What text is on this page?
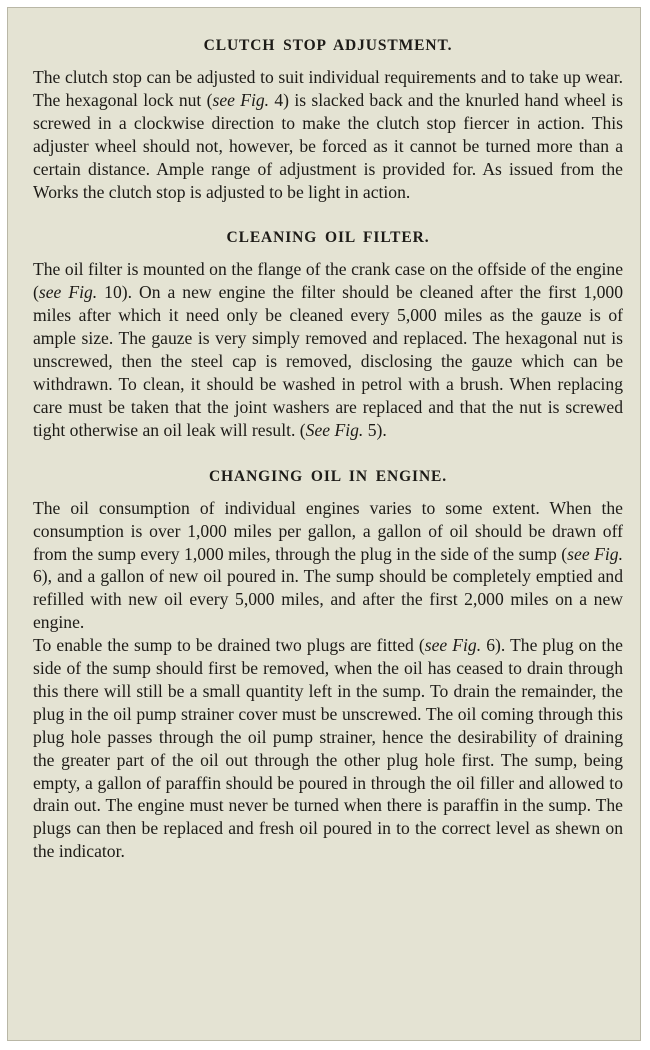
CLUTCH STOP ADJUSTMENT.

The clutch stop can be adjusted to suit individual requirements and to take up wear. The hexagonal lock nut (see Fig. 4) is slacked back and the knurled hand wheel is screwed in a clockwise direction to make the clutch stop fiercer in action. This adjuster wheel should not, however, be forced as it cannot be turned more than a certain distance. Ample range of adjustment is provided for. As issued from the Works the clutch stop is adjusted to be light in action.

CLEANING OIL FILTER.

The oil filter is mounted on the flange of the crank case on the offside of the engine (see Fig. 10). On a new engine the filter should be cleaned after the first 1,000 miles after which it need only be cleaned every 5,000 miles as the gauze is of ample size. The gauze is very simply removed and replaced. The hexagonal nut is unscrewed, then the steel cap is removed, disclosing the gauze which can be withdrawn. To clean, it should be washed in petrol with a brush. When replacing care must be taken that the joint washers are replaced and that the nut is screwed tight otherwise an oil leak will result. (See Fig. 5).

CHANGING OIL IN ENGINE.

The oil consumption of individual engines varies to some extent. When the consumption is over 1,000 miles per gallon, a gallon of oil should be drawn off from the sump every 1,000 miles, through the plug in the side of the sump (see Fig. 6), and a gallon of new oil poured in. The sump should be completely emptied and refilled with new oil every 5,000 miles, and after the first 2,000 miles on a new engine.

To enable the sump to be drained two plugs are fitted (see Fig. 6). The plug on the side of the sump should first be removed, when the oil has ceased to drain through this there will still be a small quantity left in the sump. To drain the remainder, the plug in the oil pump strainer cover must be unscrewed. The oil coming through this plug hole passes through the oil pump strainer, hence the desirability of draining the greater part of the oil out through the other plug hole first. The sump, being empty, a gallon of paraffin should be poured in through the oil filler and allowed to drain out. The engine must never be turned when there is paraffin in the sump. The plugs can then be replaced and fresh oil poured in to the correct level as shewn on the indicator.
